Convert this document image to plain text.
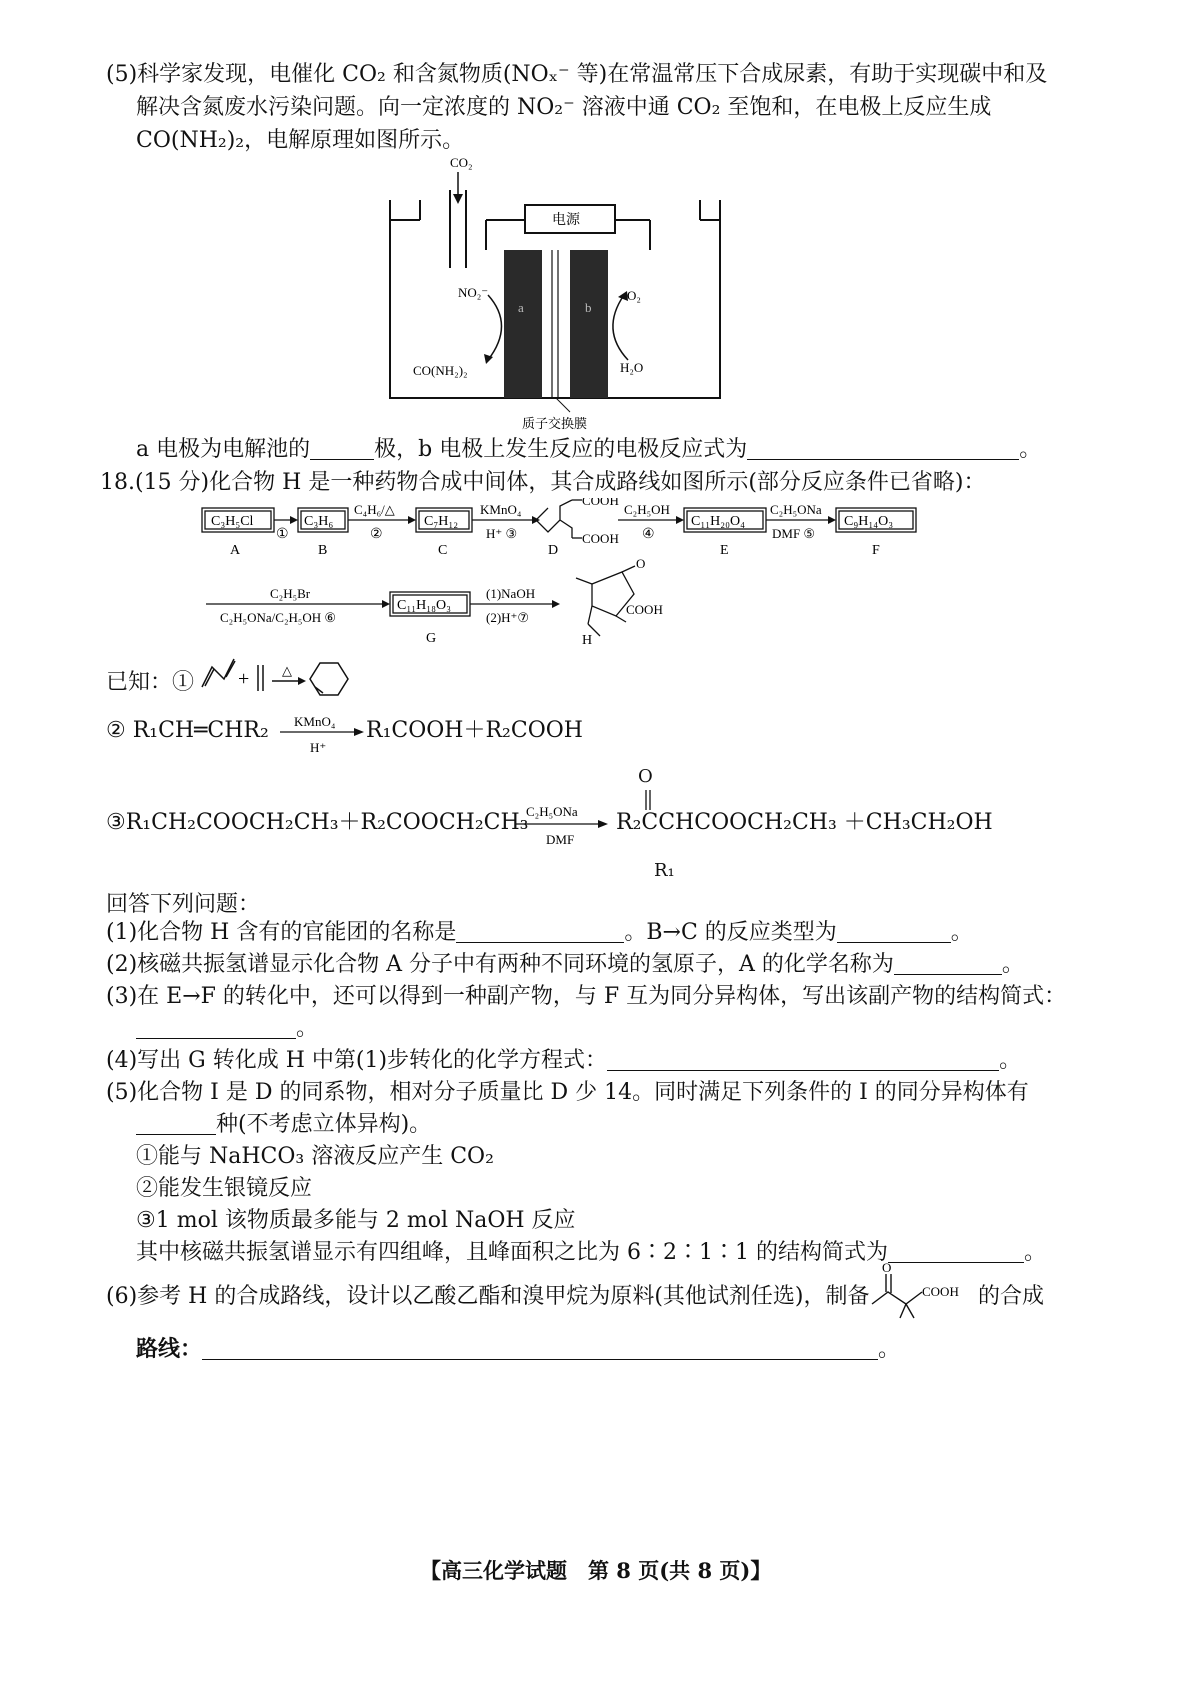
(5)科学家发现，电催化 CO₂ 和含氮物质(NOₓ⁻ 等)在常温常压下合成尿素，有助于实现碳中和及
解决含氮废水污染问题。向一定浓度的 NO₂⁻ 溶液中通 CO₂ 至饱和，在电极上反应生成
CO(NH₂)₂，电解原理如图所示。
CO₂
电源
NO₂⁻
CO(NH₂)₂
O₂
H₂O
a	b
质子交换膜
a 电极为电解池的	极，b 电极上发生反应的电极反应式为	。
18.(15 分)化合物 H 是一种药物合成中间体，其合成路线如图所示(部分反应条件已省略)：
C₃H₅Cl	C₃H₆	C₇H₁₂	C₁₁H₂₀O₄	C₉H₁₄O₃
C₁₁H₁₈O₃
A	B	C	D	E	F
G	H
①
C₄H₆/△
②
KMnO₄
H⁺ ③
COOH
COOH
C₂H₅OH
④
C₂H₅ONa
DMF ⑤
C₂H₅Br
C₂H₅ONa/C₂H₅OH ⑥
(1)NaOH
(2)H⁺⑦
O
COOH
已知：① +	△
② R₁CH═CHR₂ KMnO₄
H⁺
R₁COOH＋R₂COOH
③R₁CH₂COOCH₂CH₃＋R₂COOCH₂CH₃
C₂H₅ONa
DMF
R₂CCHCOOCH₂CH₃ ＋CH₃CH₂OH
O
R₁
回答下列问题：
(1)化合物 H 含有的官能团的名称是	。B→C 的反应类型为	。
(2)核磁共振氢谱显示化合物 A 分子中有两种不同环境的氢原子，A 的化学名称为	。
(3)在 E→F 的转化中，还可以得到一种副产物，与 F 互为同分异构体，写出该副产物的结构简式：
。
(4)写出 G 转化成 H 中第(1)步转化的化学方程式：	。
(5)化合物 I 是 D 的同系物，相对分子质量比 D 少 14。同时满足下列条件的 I 的同分异构体有
种(不考虑立体异构)。
①能与 NaHCO₃ 溶液反应产生 CO₂
②能发生银镜反应
③1 mol 该物质最多能与 2 mol NaOH 反应
其中核磁共振氢谱显示有四组峰，且峰面积之比为 6∶2∶1∶1 的结构简式为	。
(6)参考 H 的合成路线，设计以乙酸乙酯和溴甲烷为原料(其他试剂任选)，制备
O
COOH 的合成
路线：	。
【高三化学试题　第 8 页(共 8 页)】
